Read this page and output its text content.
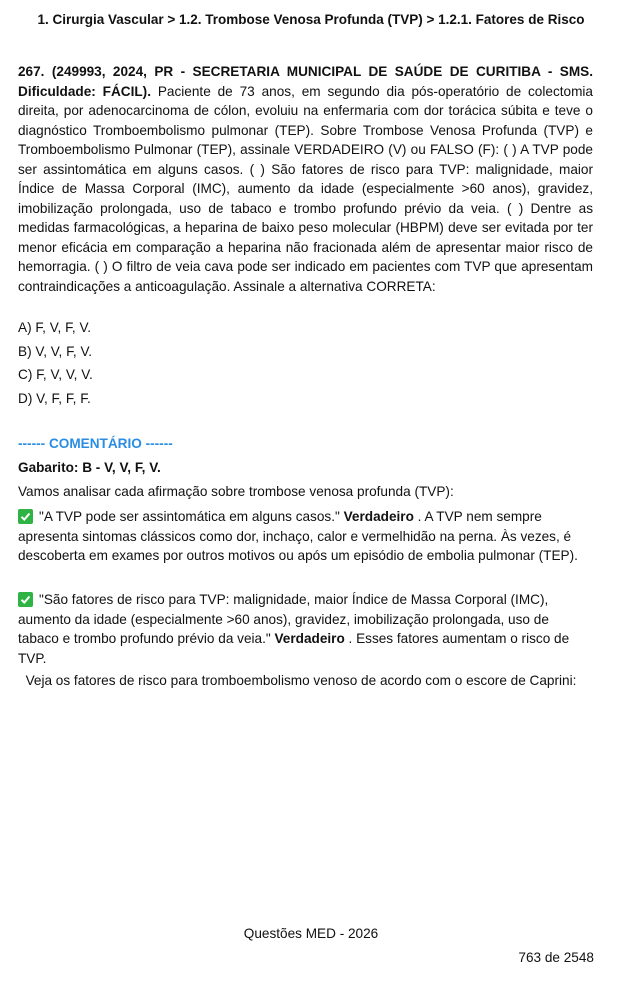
1. Cirurgia Vascular > 1.2. Trombose Venosa Profunda (TVP) > 1.2.1. Fatores de Risco
267. (249993, 2024, PR - SECRETARIA MUNICIPAL DE SAÚDE DE CURITIBA - SMS. Dificuldade: FÁCIL). Paciente de 73 anos, em segundo dia pós-operatório de colectomia direita, por adenocarcinoma de cólon, evoluiu na enfermaria com dor torácica súbita e teve o diagnóstico Tromboembolismo pulmonar (TEP). Sobre Trombose Venosa Profunda (TVP) e Tromboembolismo Pulmonar (TEP), assinale VERDADEIRO (V) ou FALSO (F): ( ) A TVP pode ser assintomática em alguns casos. ( ) São fatores de risco para TVP: malignidade, maior Índice de Massa Corporal (IMC), aumento da idade (especialmente >60 anos), gravidez, imobilização prolongada, uso de tabaco e trombo profundo prévio da veia. ( ) Dentre as medidas farmacológicas, a heparina de baixo peso molecular (HBPM) deve ser evitada por ter menor eficácia em comparação a heparina não fracionada além de apresentar maior risco de hemorragia. ( ) O filtro de veia cava pode ser indicado em pacientes com TVP que apresentam contraindicações a anticoagulação. Assinale a alternativa CORRETA:
A) F, V, F, V.
B) V, V, F, V.
C) F, V, V, V.
D) V, F, F, F.
------ COMENTÁRIO ------
Gabarito: B - V, V, F, V.
Vamos analisar cada afirmação sobre trombose venosa profunda (TVP):
"A TVP pode ser assintomática em alguns casos." Verdadeiro . A TVP nem sempre apresenta sintomas clássicos como dor, inchaço, calor e vermelhidão na perna. Às vezes, é descoberta em exames por outros motivos ou após um episódio de embolia pulmonar (TEP).
"São fatores de risco para TVP: malignidade, maior Índice de Massa Corporal (IMC), aumento da idade (especialmente >60 anos), gravidez, imobilização prolongada, uso de tabaco e trombo profundo prévio da veia." Verdadeiro . Esses fatores aumentam o risco de TVP.
Veja os fatores de risco para tromboembolismo venoso de acordo com o escore de Caprini:
Questões MED - 2026
763 de 2548
